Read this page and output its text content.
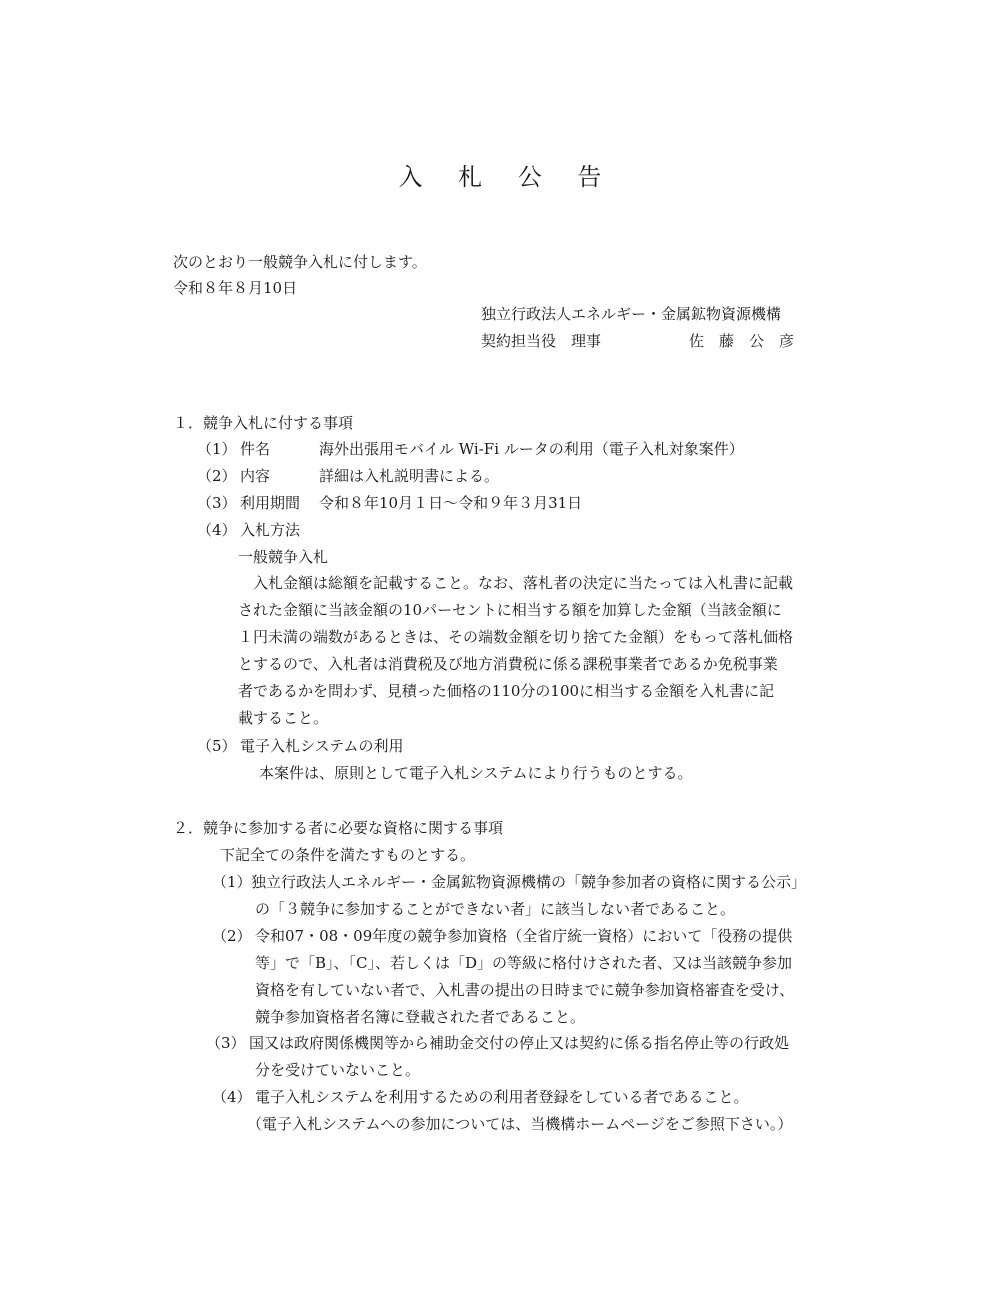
入 札 公 告
次のとおり一般競争入札に付します。
令和８年８月10日
独立行政法人エネルギー・金属鉱物資源機構
契約担当役　理事	佐　藤　公　彦
１．競争入札に付する事項
（1） 件名	海外出張用モバイル Wi-Fi ルータの利用（電子入札対象案件）
（2） 内容	詳細は入札説明書による。
（3） 利用期間 令和８年10月１日～令和９年３月31日
（4） 入札方法
一般競争入札
　入札金額は総額を記載すること。なお、落札者の決定に当たっては入札書に記載
された金額に当該金額の10パーセントに相当する額を加算した金額（当該金額に
１円未満の端数があるときは、その端数金額を切り捨てた金額）をもって落札価格
とするので、入札者は消費税及び地方消費税に係る課税事業者であるか免税事業
者であるかを問わず、見積った価格の110分の100に相当する金額を入札書に記
載すること。
（5） 電子入札システムの利用
本案件は、原則として電子入札システムにより行うものとする。
２．競争に参加する者に必要な資格に関する事項
下記全ての条件を満たすものとする。
（1） 独立行政法人エネルギー・金属鉱物資源機構の「競争参加者の資格に関する公示」
の「３競争に参加することができない者」に該当しない者であること。
（2） 令和07・08・09年度の競争参加資格（全省庁統一資格）において「役務の提供
等」で「B」、「C」、若しくは「D」の等級に格付けされた者、又は当該競争参加
資格を有していない者で、入札書の提出の日時までに競争参加資格審査を受け、
競争参加資格者名簿に登載された者であること。
（3） 国又は政府関係機関等から補助金交付の停止又は契約に係る指名停止等の行政処
分を受けていないこと。
（4） 電子入札システムを利用するための利用者登録をしている者であること。
（電子入札システムへの参加については、当機構ホームページをご参照下さい。）
